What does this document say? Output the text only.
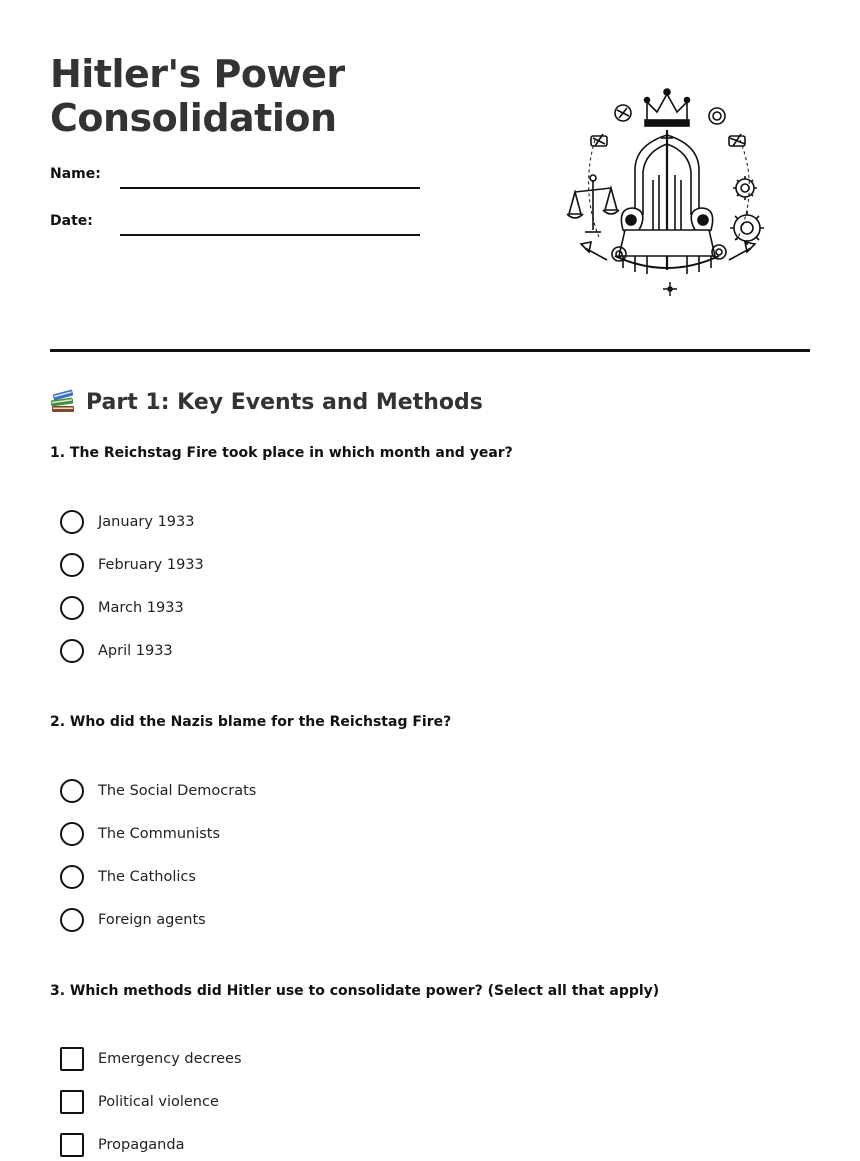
Hitler's Power
Consolidation
Name:
Date:
Part 1: Key Events and Methods

1. The Reichstag Fire took place in which month and year?

January 1933
February 1933
March 1933
April 1933

2. Who did the Nazis blame for the Reichstag Fire?

The Social Democrats
The Communists
The Catholics
Foreign agents

3. Which methods did Hitler use to consolidate power? (Select all that apply)

Emergency decrees
Political violence
Propaganda
